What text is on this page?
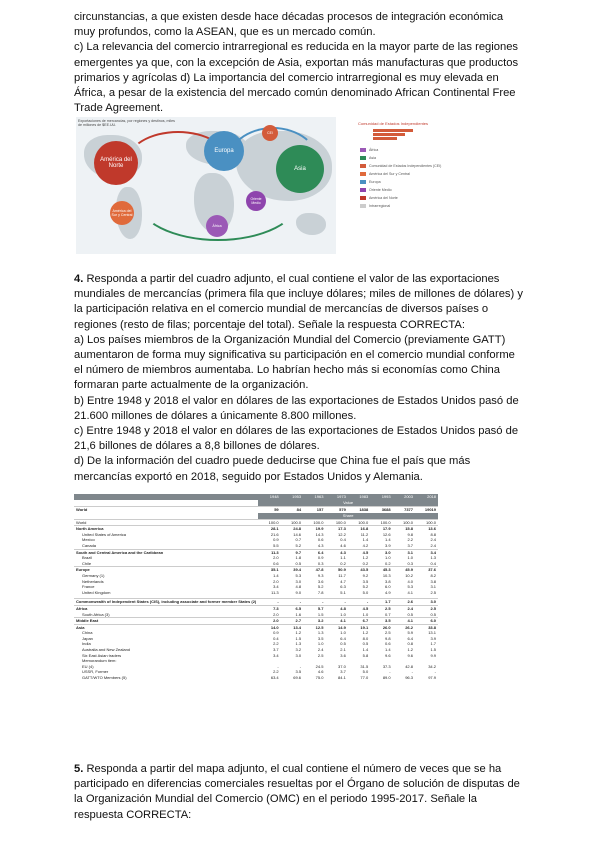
circunstancias, a que existen desde hace décadas procesos de integración económica muy profundos, como la ASEAN, que es un mercado común.

c) La relevancia del comercio intrarregional es reducida en la mayor parte de las regiones emergentes ya que, con la excepción de Asia, exportan más manufacturas que productos primarios y agrícolas d) La importancia del comercio intrarregional es muy elevada en África, a pesar de la existencia del mercado común denominado African Continental Free Trade Agreement.

Exportaciones de mercancías, por regiones y destinos, miles de millones de $EE.UU.
América del Norte
Europa
Asia
América del Sur y Central
Oriente Medio
África
CEI
Comunidad de Estados Independientes
África
Asia
Comunidad de Estados Independientes (CEI)
América del Sur y Central
Europa
Oriente Medio
América del Norte
Intrarregional

4. Responda a partir del cuadro adjunto, el cual contiene el valor de las exportaciones mundiales de mercancías (primera fila que incluye dólares; miles de millones de dólares) y la participación relativa en el comercio mundial de mercancías de diversos países o regiones (resto de filas; porcentaje del total). Señale la respuesta CORRECTA:

a) Los países miembros de la Organización Mundial del Comercio (previamente GATT) aumentaron de forma muy significativa su participación en el comercio mundial conforme el número de miembros aumentaba. Lo habrían hecho más si economías como China formaran parte actualmente de la organización.

b) Entre 1948 y 2018 el valor en dólares de las exportaciones de Estados Unidos pasó de 21.600 millones de dólares a únicamente 8.800 millones.

c) Entre 1948 y 2018 el valor en dólares de las exportaciones de Estados Unidos pasó de 21,6 billones de dólares a 8,8 billones de dólares.

d) De la información del cuadro puede deducirse que China fue el país que más mercancías exportó en 2018, seguido por Estados Unidos y Alemania.

	1948	1953	1963	1973	1983	1993	2003	2018
	Value							
World	59	84	157	579	1838	3688	7377	19019
	Share							
World	100.0	100.0	100.0	100.0	100.0	100.0	100.0	100.0
North America	28.1	24.8	19.9	17.3	16.8	17.9	15.8	13.6
United States of America	21.6	14.6	14.3	12.2	11.2	12.6	9.8	8.8
Mexico	0.9	0.7	0.6	0.4	1.4	1.4	2.2	2.4
Canada	5.5	5.2	4.3	4.6	4.2	3.9	3.7	2.4
South and Central America and the Caribbean	11.3	9.7	6.4	4.3	4.5	3.0	3.1	3.4
Brazil	2.0	1.8	0.9	1.1	1.2	1.0	1.0	1.3
Chile	0.6	0.5	0.3	0.2	0.2	0.2	0.3	0.4
Europe	35.1	39.4	47.8	50.9	43.5	45.3	45.9	37.6
Germany (1)	1.4	5.3	9.3	11.7	9.2	10.3	10.2	8.2
Netherlands	2.0	3.0	3.6	4.7	3.5	3.8	4.0	3.8
France	3.4	4.8	5.2	6.3	5.2	6.0	5.3	3.1
United Kingdom	11.3	9.0	7.8	5.1	5.0	4.9	4.1	2.5

Commonwealth of Independent States (CIS), including associate and former member States (2)	-	-	-	-	-	1.7	2.6	3.0
Africa	7.3	6.5	5.7	4.8	4.5	2.5	2.4	2.5
South Africa (3)	2.0	1.6	1.5	1.0	1.0	0.7	0.5	0.5
Middle East	2.0	2.7	3.2	4.1	6.7	3.5	4.1	6.0
Asia	14.0	13.4	12.5	14.9	19.1	26.0	26.2	33.8
China	0.9	1.2	1.3	1.0	1.2	2.5	5.9	13.1
Japan	0.4	1.5	3.5	6.4	8.0	9.8	6.4	3.9
India	2.2	1.3	1.0	0.5	0.5	0.6	0.8	1.7
Australia and New Zealand	3.7	3.2	2.4	2.1	1.4	1.4	1.2	1.5
Six East Asian traders	3.4	3.0	2.5	3.6	5.8	9.6	9.6	9.9
Memorandum item:								
EU (4)	-	-	24.5	37.0	31.5	37.3	42.8	34.2
USSR, Former	2.2	3.5	4.6	3.7	5.0	-	-	-
GATT/WTO Members (5)	63.4	69.6	75.0	84.1	77.0	89.0	96.3	97.9

5. Responda a partir del mapa adjunto, el cual contiene el número de veces que se ha participado en diferencias comerciales resueltas por el Órgano de solución de disputas de la Organización Mundial del Comercio (OMC) en el periodo 1995-2017. Señale la respuesta CORRECTA:
